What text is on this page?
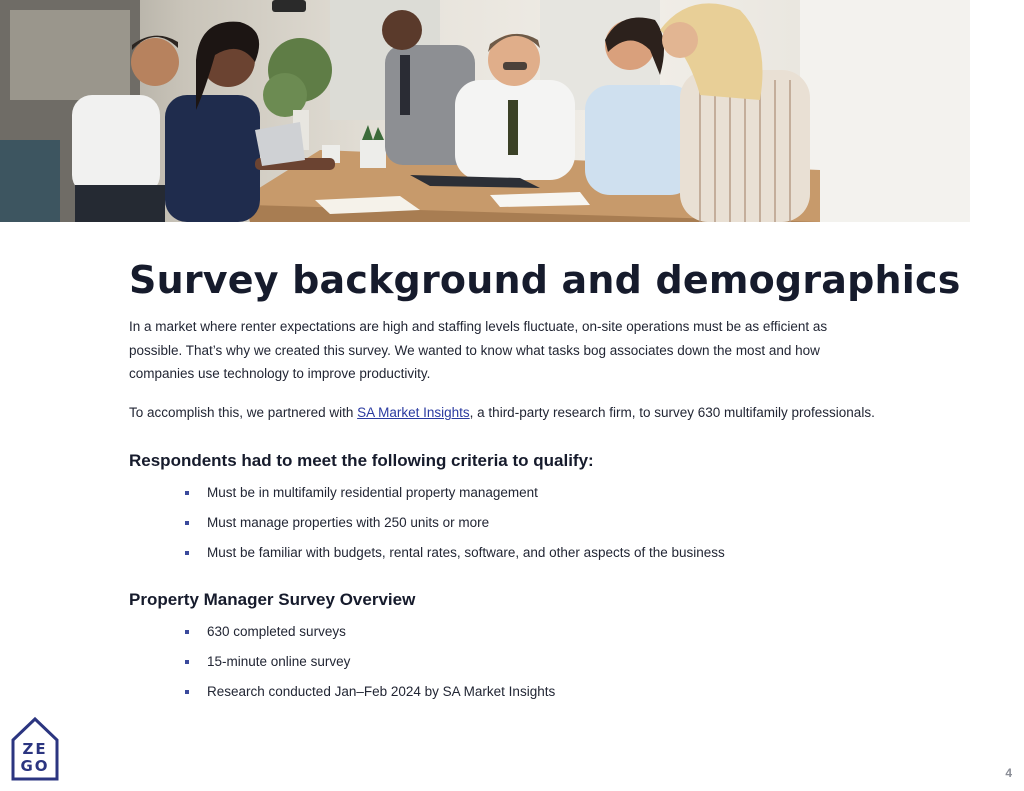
Survey background and demographics

In a market where renter expectations are high and staffing levels fluctuate, on-site operations must be as efficient as possible. That’s why we created this survey. We wanted to know what tasks bog associates down the most and how companies use technology to improve productivity.

To accomplish this, we partnered with SA Market Insights, a third-party research firm, to survey 630 multifamily professionals.

Respondents had to meet the following criteria to qualify:
Must be in multifamily residential property management
Must manage properties with 250 units or more
Must be familiar with budgets, rental rates, software, and other aspects of the business
Property Manager Survey Overview
630 completed surveys
15-minute online survey
Research conducted Jan–Feb 2024 by SA Market Insights
ZE
GO	4
